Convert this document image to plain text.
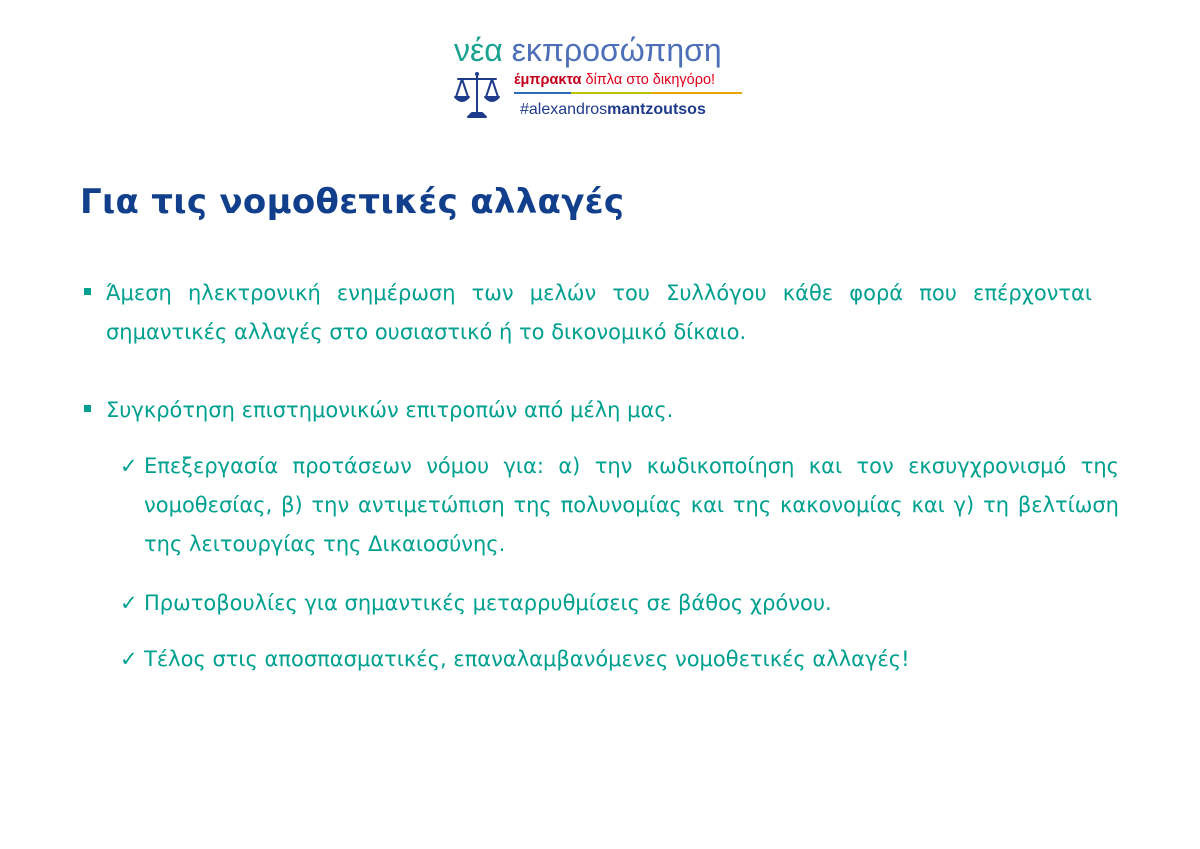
νέα εκπροσώπηση
έμπρακτα δίπλα στο δικηγόρο!
#alexandrosmantzoutsos
Για τις νομοθετικές αλλαγές

Άμεση ηλεκτρονική ενημέρωση των μελών του Συλλόγου κάθε φορά που επέρχονται σημαντικές αλλαγές στο ουσιαστικό ή το δικονομικό δίκαιο.

Συγκρότηση επιστημονικών επιτροπών από μέλη μας.

✓ Επεξεργασία προτάσεων νόμου για: α) την κωδικοποίηση και τον εκσυγχρονισμό της νομοθεσίας, β) την αντιμετώπιση της πολυνομίας και της κακονομίας και γ) τη βελτίωση της λειτουργίας της Δικαιοσύνης.

✓ Πρωτοβουλίες για σημαντικές μεταρρυθμίσεις σε βάθος χρόνου.

✓ Τέλος στις αποσπασματικές, επαναλαμβανόμενες νομοθετικές αλλαγές!
